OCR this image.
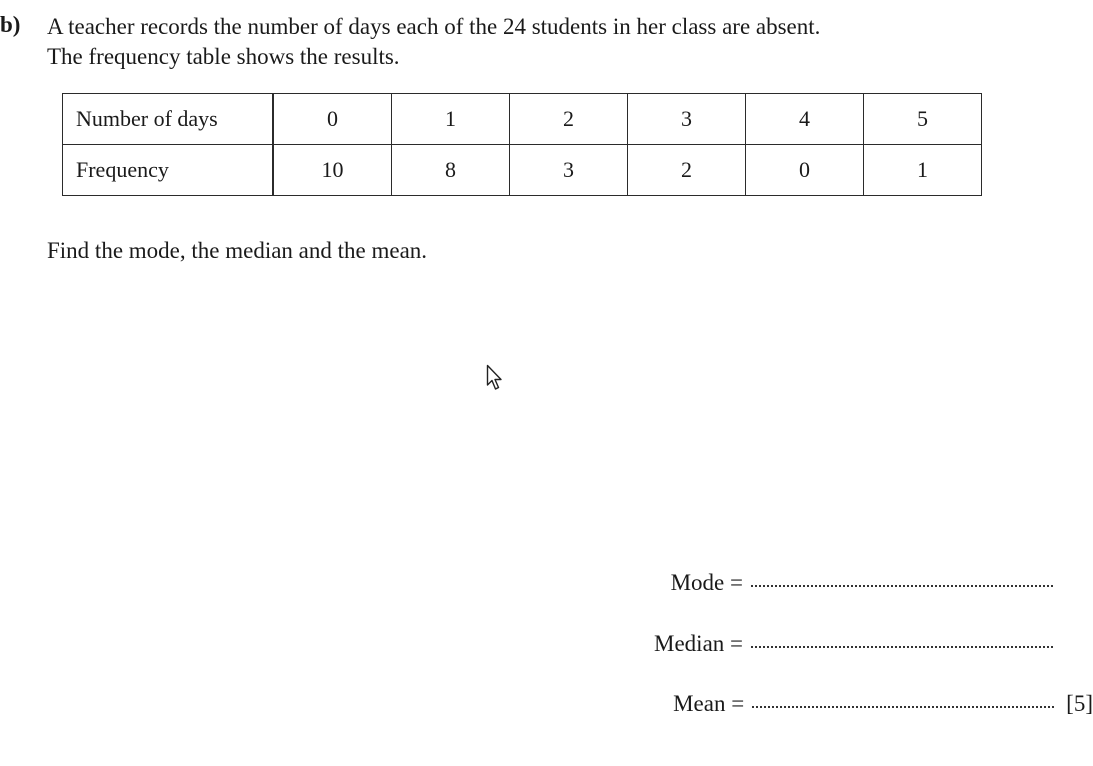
b) A teacher records the number of days each of the 24 students in her class are absent.
The frequency table shows the results.
Number of days	0	1	2	3	4	5
Frequency	10	8	3	2	0	1
Find the mode, the median and the mean.
Mode =
Median =
Mean =	[5]
